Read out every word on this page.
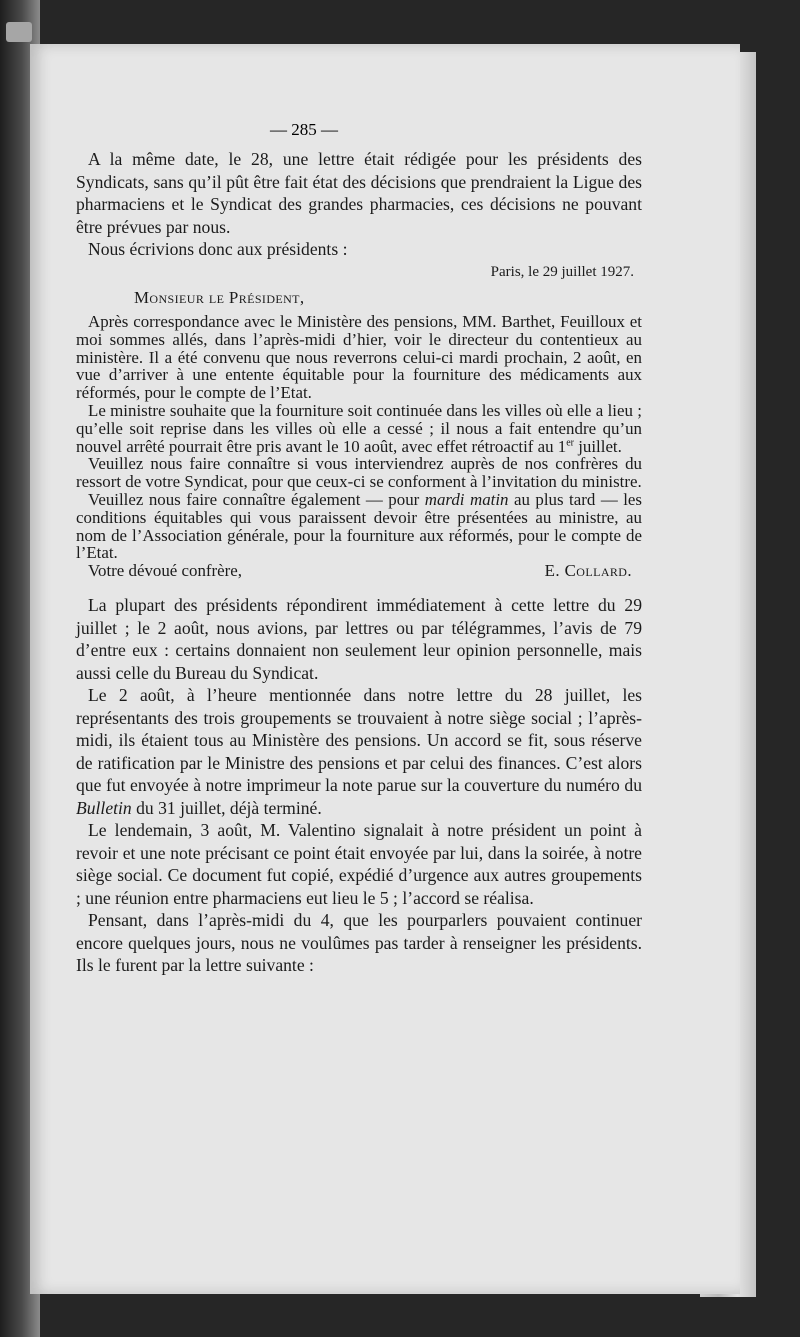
— 285 —

A la même date, le 28, une lettre était rédigée pour les présidents des Syndicats, sans qu’il pût être fait état des décisions que prendraient la Ligue des pharmaciens et le Syndicat des grandes pharmacies, ces décisions ne pouvant être prévues par nous.

Nous écrivions donc aux présidents :

Paris, le 29 juillet 1927.
Monsieur le Président,

Après correspondance avec le Ministère des pensions, MM. Barthet, Feuilloux et moi sommes allés, dans l’après-midi d’hier, voir le directeur du contentieux au ministère. Il a été convenu que nous reverrons celui-ci mardi prochain, 2 août, en vue d’arriver à une entente équitable pour la fourniture des médicaments aux réformés, pour le compte de l’Etat.

Le ministre souhaite que la fourniture soit continuée dans les villes où elle a lieu ; qu’elle soit reprise dans les villes où elle a cessé ; il nous a fait entendre qu’un nouvel arrêté pourrait être pris avant le 10 août, avec effet rétroactif au 1er juillet.

Veuillez nous faire connaître si vous interviendrez auprès de nos confrères du ressort de votre Syndicat, pour que ceux-ci se conforment à l’invitation du ministre.

Veuillez nous faire connaître également — pour mardi matin au plus tard — les conditions équitables qui vous paraissent devoir être présentées au ministre, au nom de l’Association générale, pour la fourniture aux réformés, pour le compte de l’Etat.

Votre dévoué confrère,	E. Collard.

La plupart des présidents répondirent immédiatement à cette lettre du 29 juillet ; le 2 août, nous avions, par lettres ou par télégrammes, l’avis de 79 d’entre eux : certains donnaient non seulement leur opinion personnelle, mais aussi celle du Bureau du Syndicat.

Le 2 août, à l’heure mentionnée dans notre lettre du 28 juillet, les représentants des trois groupements se trouvaient à notre siège social ; l’après-midi, ils étaient tous au Ministère des pensions. Un accord se fit, sous réserve de ratification par le Ministre des pensions et par celui des finances. C’est alors que fut envoyée à notre imprimeur la note parue sur la couverture du numéro du Bulletin du 31 juillet, déjà terminé.

Le lendemain, 3 août, M. Valentino signalait à notre président un point à revoir et une note précisant ce point était envoyée par lui, dans la soirée, à notre siège social. Ce document fut copié, expédié d’urgence aux autres groupements ; une réunion entre pharmaciens eut lieu le 5 ; l’accord se réalisa.

Pensant, dans l’après-midi du 4, que les pourparlers pouvaient continuer encore quelques jours, nous ne voulûmes pas tarder à renseigner les présidents. Ils le furent par la lettre suivante :
